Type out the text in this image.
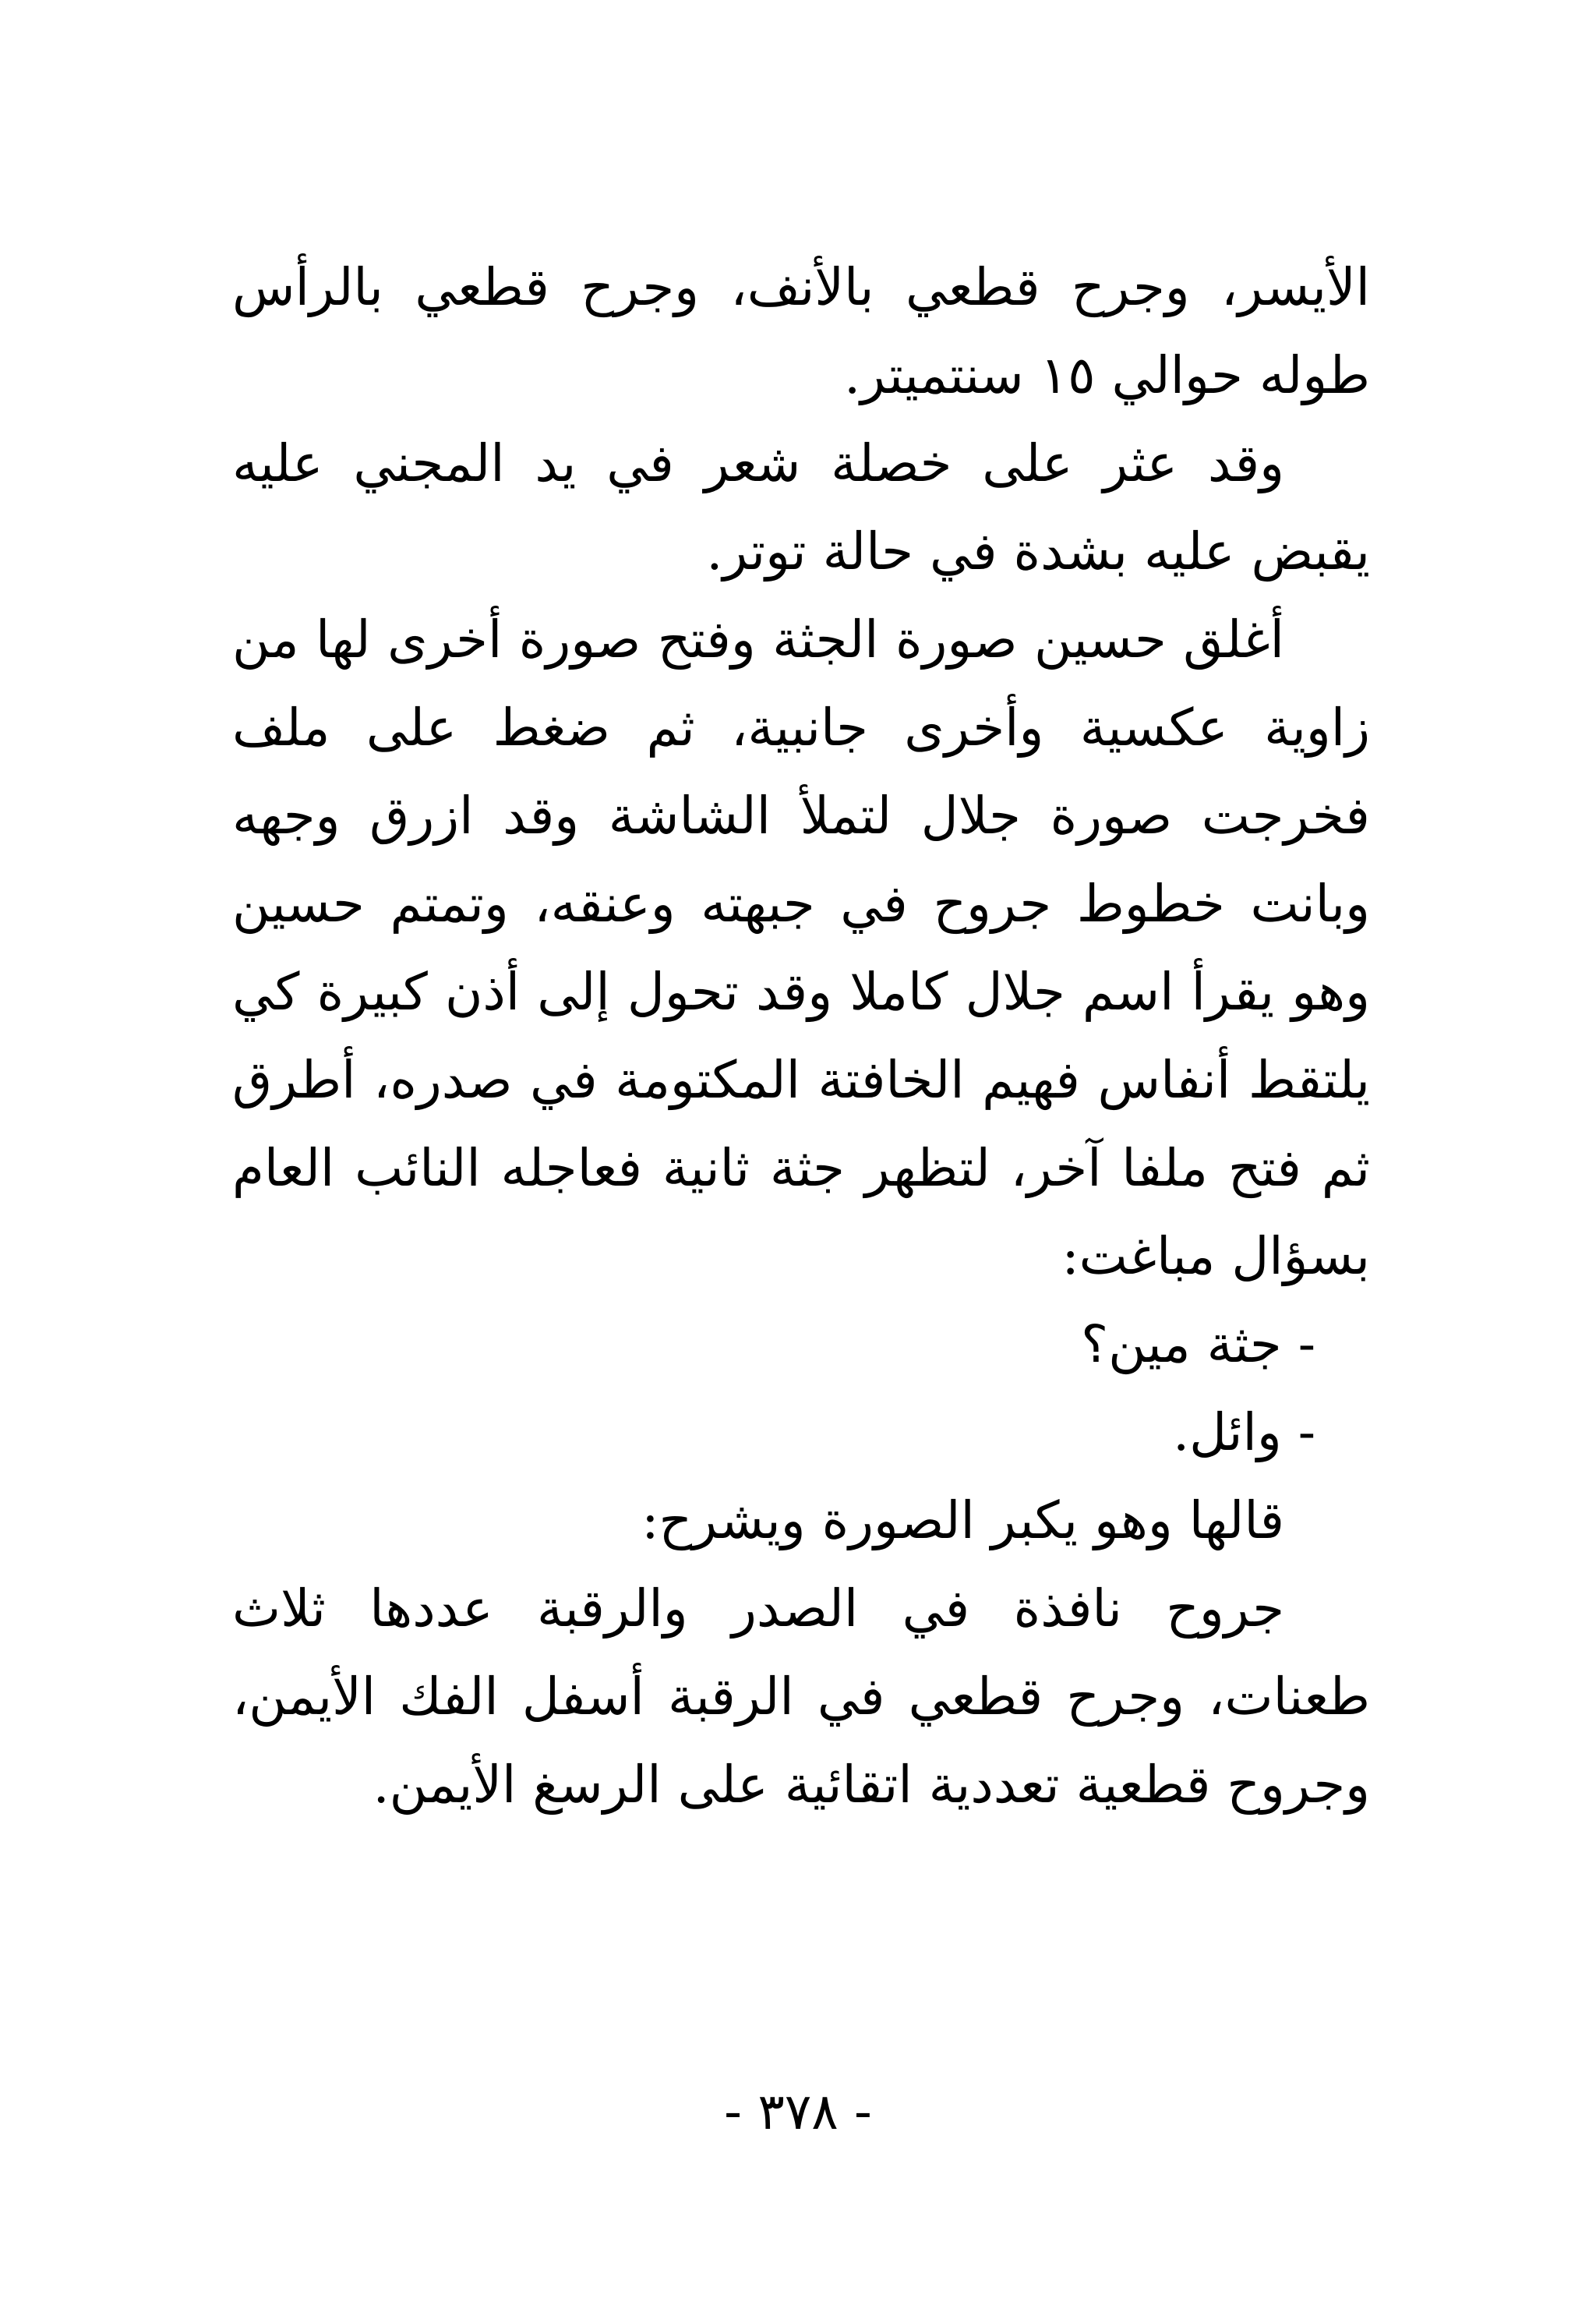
الأيسر، وجرح قطعي بالأنف، وجرح قطعي بالرأس طوله حوالي ١٥ سنتميتر.

وقد عثر على خصلة شعر في يد المجني عليه يقبض عليه بشدة في حالة توتر.

أغلق حسين صورة الجثة وفتح صورة أخرى لها من زاوية عكسية وأخرى جانبية، ثم ضغط على ملف فخرجت صورة جلال لتملأ الشاشة وقد ازرق وجهه وبانت خطوط جروح في جبهته وعنقه، وتمتم حسين وهو يقرأ اسم جلال كاملا وقد تحول إلى أذن كبيرة كي يلتقط أنفاس فهيم الخافتة المكتومة في صدره، أطرق ثم فتح ملفا آخر، لتظهر جثة ثانية فعاجله النائب العام بسؤال مباغت:

- جثة مين؟

- وائل.

قالها وهو يكبر الصورة ويشرح:

جروح نافذة في الصدر والرقبة عددها ثلاث طعنات، وجرح قطعي في الرقبة أسفل الفك الأيمن، وجروح قطعية تعددية اتقائية على الرسغ الأيمن.

- ٣٧٨ -
